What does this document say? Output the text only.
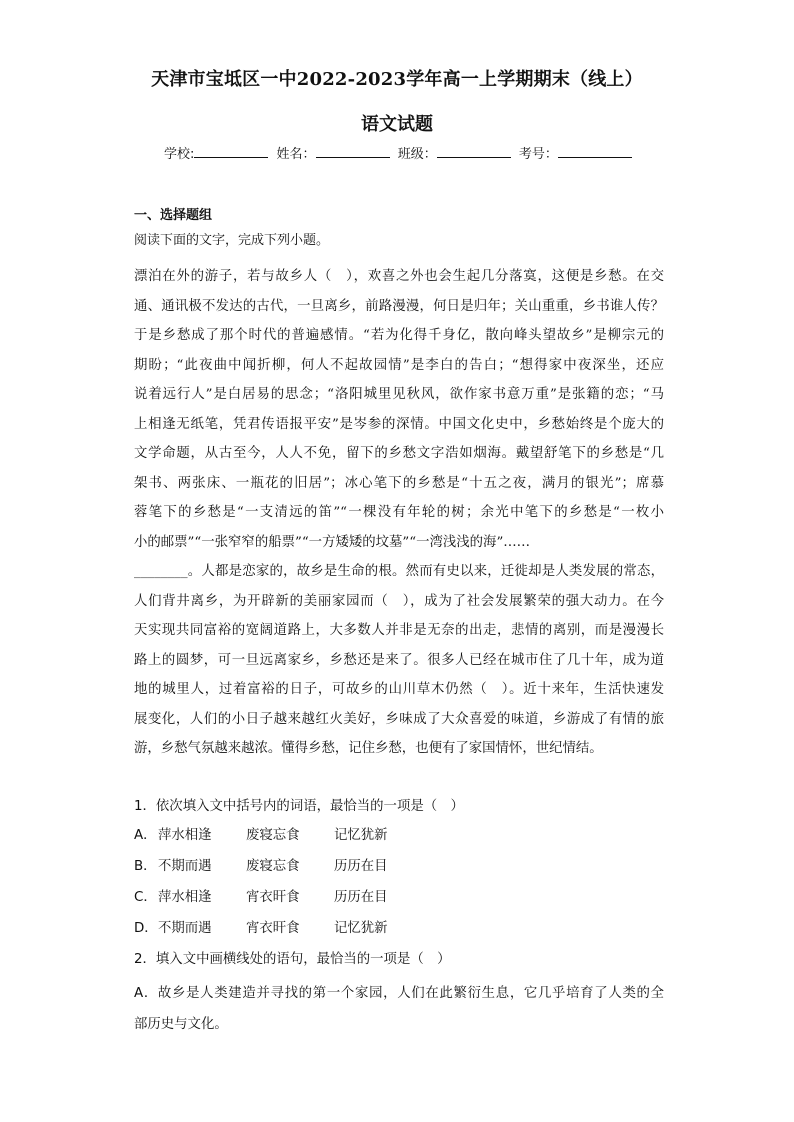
天津市宝坻区一中2022-2023学年高一上学期期末（线上）
语文试题
学校:	姓名：	班级：	考号：
一、选择题组
阅读下面的文字，完成下列小题。
漂泊在外的游子，若与故乡人（　），欢喜之外也会生起几分落寞，这便是乡愁。在交
通、通讯极不发达的古代，一旦离乡，前路漫漫，何日是归年；关山重重，乡书谁人传？
于是乡愁成了那个时代的普遍感情。“若为化得千身亿，散向峰头望故乡”是柳宗元的
期盼；“此夜曲中闻折柳，何人不起故园情”是李白的告白；“想得家中夜深坐，还应
说着远行人”是白居易的思念；“洛阳城里见秋风，欲作家书意万重”是张籍的恋；“马
上相逢无纸笔，凭君传语报平安”是岑参的深情。中国文化史中，乡愁始终是个庞大的
文学命题，从古至今，人人不免，留下的乡愁文字浩如烟海。戴望舒笔下的乡愁是“几
架书、两张床、一瓶花的旧居”；冰心笔下的乡愁是“十五之夜，满月的银光”；席慕
蓉笔下的乡愁是“一支清远的笛”“一棵没有年轮的树；余光中笔下的乡愁是“一枚小
小的邮票”“一张窄窄的船票”“一方矮矮的坟墓”“一湾浅浅的海”……
________。人都是恋家的，故乡是生命的根。然而有史以来，迁徙却是人类发展的常态，
人们背井离乡，为开辟新的美丽家园而（　），成为了社会发展繁荣的强大动力。在今
天实现共同富裕的宽阔道路上，大多数人并非是无奈的出走，悲情的离别，而是漫漫长
路上的圆梦，可一旦远离家乡，乡愁还是来了。很多人已经在城市住了几十年，成为道
地的城里人，过着富裕的日子，可故乡的山川草木仍然（　）。近十来年，生活快速发
展变化，人们的小日子越来越红火美好，乡味成了大众喜爱的味道，乡游成了有情的旅
游，乡愁气氛越来越浓。懂得乡愁，记住乡愁，也便有了家国情怀，世纪情结。
1．依次填入文中括号内的词语，最恰当的一项是（　）
A．萍水相逢	废寝忘食	记忆犹新
B．不期而遇	废寝忘食	历历在目
C．萍水相逢	宵衣旰食	历历在目
D．不期而遇	宵衣旰食	记忆犹新
2．填入文中画横线处的语句，最恰当的一项是（　）
A．故乡是人类建造并寻找的第一个家园，人们在此繁衍生息，它几乎培育了人类的全
部历史与文化。
